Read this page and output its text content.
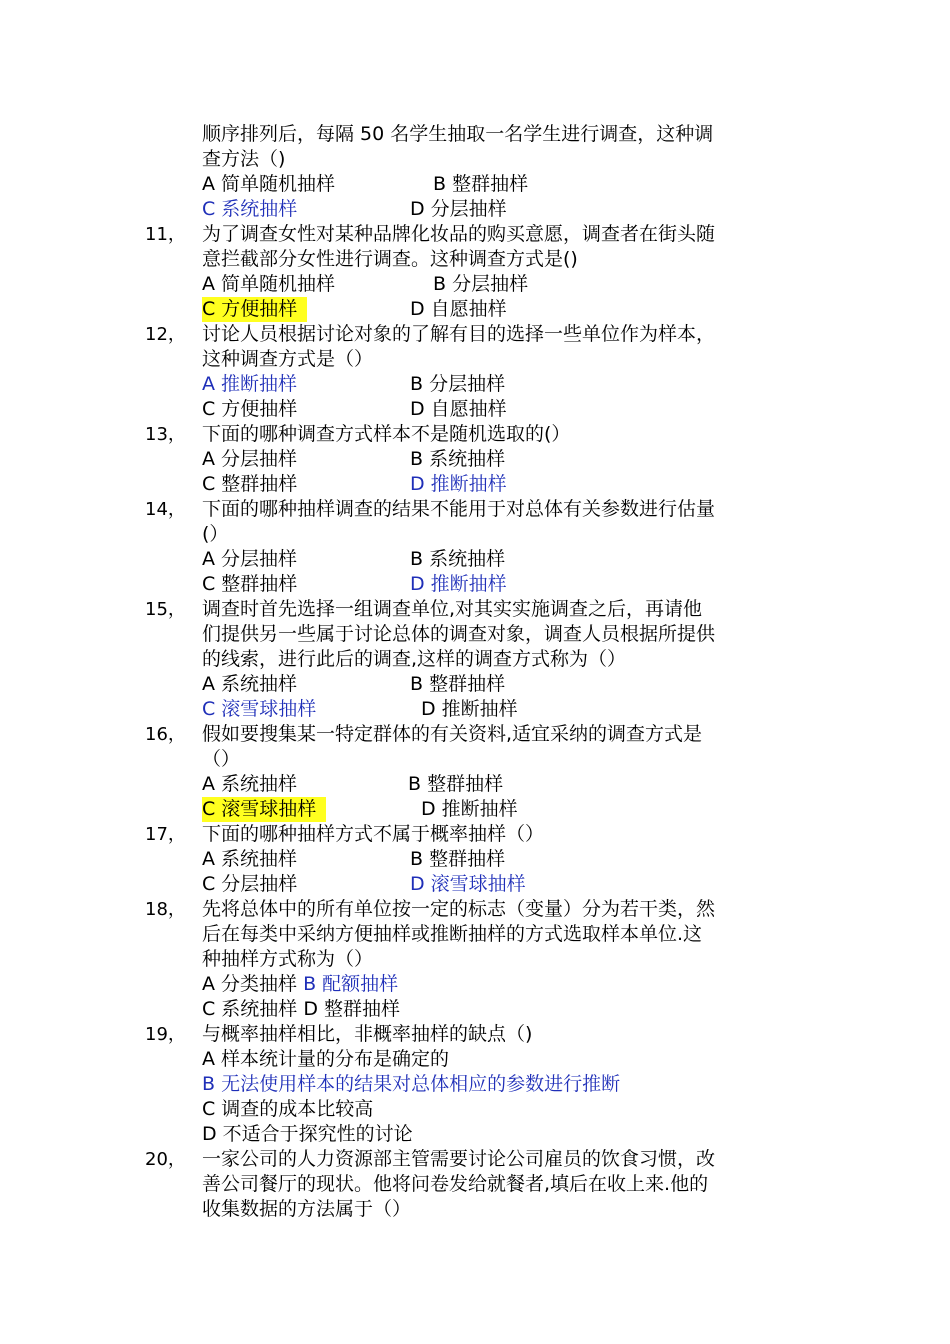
顺序排列后，每隔 50 名学生抽取一名学生进行调查，这种调
查方法（)
A 简单随机抽样	B 整群抽样
C 系统抽样	D 分层抽样
11， 为了调查女性对某种品牌化妆品的购买意愿，调查者在街头随
意拦截部分女性进行调查。这种调查方式是()
A 简单随机抽样	B 分层抽样
C 方便抽样	D 自愿抽样
12， 讨论人员根据讨论对象的了解有目的选择一些单位作为样本，
这种调查方式是（）
A 推断抽样	B 分层抽样
C 方便抽样	D 自愿抽样
13， 下面的哪种调查方式样本不是随机选取的(）
A 分层抽样	B 系统抽样
C 整群抽样	D 推断抽样
14， 下面的哪种抽样调查的结果不能用于对总体有关参数进行估量
(）
A 分层抽样	B 系统抽样
C 整群抽样	D 推断抽样
15， 调查时首先选择一组调查单位,对其实实施调查之后，再请他
们提供另一些属于讨论总体的调查对象，调查人员根据所提供
的线索，进行此后的调查,这样的调查方式称为（）
A 系统抽样	B 整群抽样
C 滚雪球抽样	D 推断抽样
16， 假如要搜集某一特定群体的有关资料,适宜采纳的调查方式是
（）
A 系统抽样	B 整群抽样
C 滚雪球抽样	D 推断抽样
17， 下面的哪种抽样方式不属于概率抽样（）
A 系统抽样	B 整群抽样
C 分层抽样	D 滚雪球抽样
18， 先将总体中的所有单位按一定的标志（变量）分为若干类，然
后在每类中采纳方便抽样或推断抽样的方式选取样本单位.这
种抽样方式称为（）
A 分类抽样 B 配额抽样
C 系统抽样 D 整群抽样
19， 与概率抽样相比，非概率抽样的缺点（)
A 样本统计量的分布是确定的
B 无法使用样本的结果对总体相应的参数进行推断
C 调查的成本比较高
D 不适合于探究性的讨论
20， 一家公司的人力资源部主管需要讨论公司雇员的饮食习惯，改
善公司餐厅的现状。他将问卷发给就餐者,填后在收上来.他的
收集数据的方法属于（）
